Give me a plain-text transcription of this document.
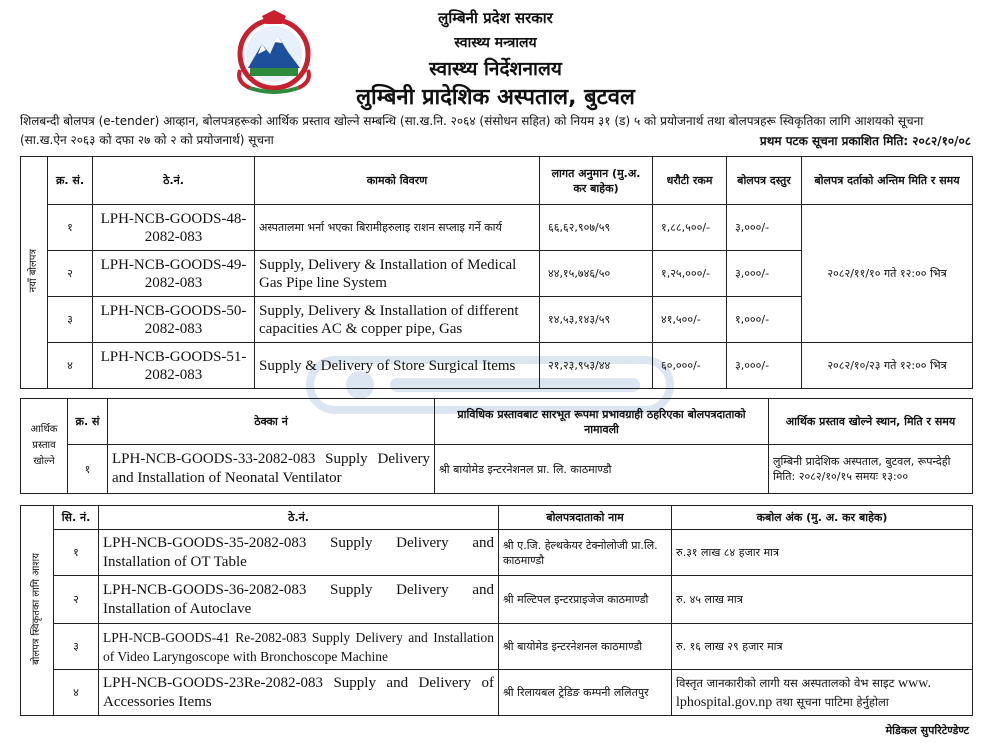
लुम्बिनी प्रदेश सरकार
स्वास्थ्य मन्त्रालय
स्वास्थ्य निर्देशनालय
लुम्बिनी प्रादेशिक अस्पताल, बुटवल
शिलबन्दी बोलपत्र (e-tender) आव्हान, बोलपत्रहरूको आर्थिक प्रस्ताव खोल्ने सम्बन्धि (सा.ख.नि. २०६४ (संसोधन सहित) को नियम ३१ (ड) ५ को प्रयोजनार्थ तथा बोलपत्रहरू स्विकृतिका लागि आशयको सूचना (सा.ख.ऐन २०६३ को दफा २७ को २ को प्रयोजनार्थ) सूचना	प्रथम पटक सूचना प्रकाशित मिति: २०८२/१०/०८
नयाँ बोलपत्र	क्र. सं.	ठे.नं.	कामको विवरण	लागत अनुमान (मु.अ. कर बाहेक)	धरौटी रकम	बोलपत्र दस्तुर	बोलपत्र दर्ताको अन्तिम मिति र समय
	१	LPH-NCB-GOODS-48-2082-083	अस्पतालमा भर्ना भएका बिरामीहरुलाइ राशन सप्लाइ गर्ने कार्य	६६,६२,९०७/५९	१,८८,५००/-	३,०००/-	२०८२/११/१० गते १२:०० भित्र
	२	LPH-NCB-GOODS-49-2082-083	Supply, Delivery & Installation of Medical Gas Pipe line System	४४,१५,७४६/५०	१,२५,०००/-	३,०००/-	
	३	LPH-NCB-GOODS-50-2082-083	Supply, Delivery & Installation of different capacities AC & copper pipe, Gas	१४,५३,१४३/५९	४१,५००/-	१,०००/-	
	४	LPH-NCB-GOODS-51-2082-083	Supply & Delivery of Store Surgical Items	२१,२३,९५३/४४	६०,०००/-	३,०००/-	२०८२/१०/२३ गते १२:०० भित्र
आर्थिक प्रस्ताव खोल्ने	क्र. सं	ठेक्का नं	प्राविधिक प्रस्तावबाट सारभूत रूपमा प्रभावग्राही ठहरिएका बोलपत्रदाताको नामावली	आर्थिक प्रस्ताव खोल्ने स्थान, मिति र समय
	१	LPH-NCB-GOODS-33-2082-083 Supply Delivery and Installation of Neonatal Ventilator	श्री बायोमेड इन्टरनेशनल प्रा. लि. काठमाण्डौ	लुम्बिनी प्रादेशिक अस्पताल, बुटवल, रूपन्देही
मिति: २०८२/१०/१५ समयः १३:००
बोलपत्र स्विकृतका लागि आशय	सि. नं.	ठे.नं.	बोलपत्रदाताको नाम	कबोल अंक (मु. अ. कर बाहेक)
	१	LPH-NCB-GOODS-35-2082-083 Supply Delivery and Installation of OT Table	श्री ए.जि. हेल्थकेयर टेक्नोलोजी प्रा.लि. काठमाण्डौ	रु.३१ लाख ८४ हजार मात्र
	२	LPH-NCB-GOODS-36-2082-083 Supply Delivery and Installation of Autoclave	श्री मल्टिपल इन्टरप्राइजेज काठमाण्डौ	रु. ४५ लाख मात्र
	३	LPH-NCB-GOODS-41 Re-2082-083 Supply Delivery and Installation of Video Laryngoscope with Bronchoscope Machine	श्री बायोमेड इन्टरनेशनल काठमाण्डौ	रु. १६ लाख २९ हजार मात्र
	४	LPH-NCB-GOODS-23Re-2082-083 Supply and Delivery of Accessories Items	श्री रिलायबल ट्रेडिङ कम्पनी ललितपुर	विस्तृत जानकारीको लागी यस अस्पतालको वेभ साइट www. lphospital.gov.np तथा सूचना पाटिमा हेर्नुहोला
मेडिकल सुपरिटेण्डेण्ट
